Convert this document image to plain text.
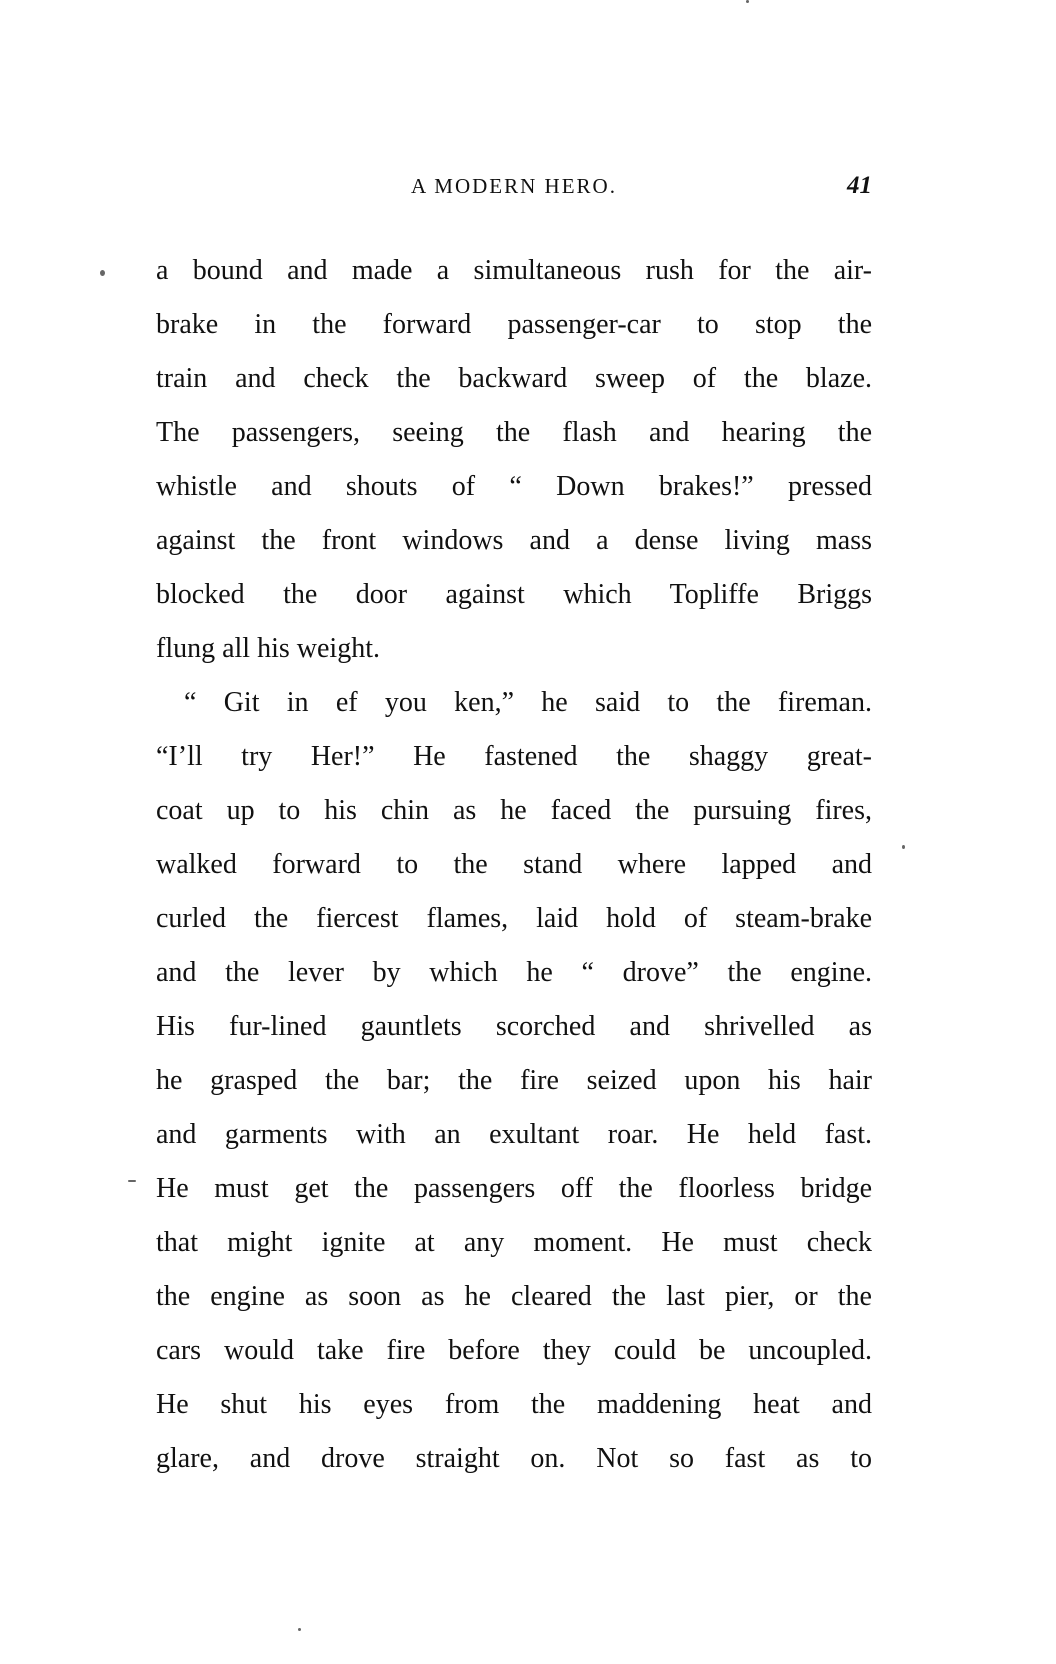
A MODERN HERO.	41
a bound and made a simultaneous rush for the air-
brake in the forward passenger-car to stop the
train and check the backward sweep of the blaze.
The passengers, seeing the flash and hearing the
whistle and shouts of “ Down brakes!” pressed
against the front windows and a dense living mass
blocked the door against which Topliffe Briggs
flung all his weight.
“ Git in ef you ken,” he said to the fireman.
“I’ll try Her!” He fastened the shaggy great-
coat up to his chin as he faced the pursuing fires,
walked forward to the stand where lapped and
curled the fiercest flames, laid hold of steam-brake
and the lever by which he “ drove” the engine.
His fur-lined gauntlets scorched and shrivelled as
he grasped the bar; the fire seized upon his hair
and garments with an exultant roar. He held fast.
He must get the passengers off the floorless bridge
that might ignite at any moment. He must check
the engine as soon as he cleared the last pier, or the
cars would take fire before they could be uncoupled.
He shut his eyes from the maddening heat and
glare, and drove straight on. Not so fast as to
